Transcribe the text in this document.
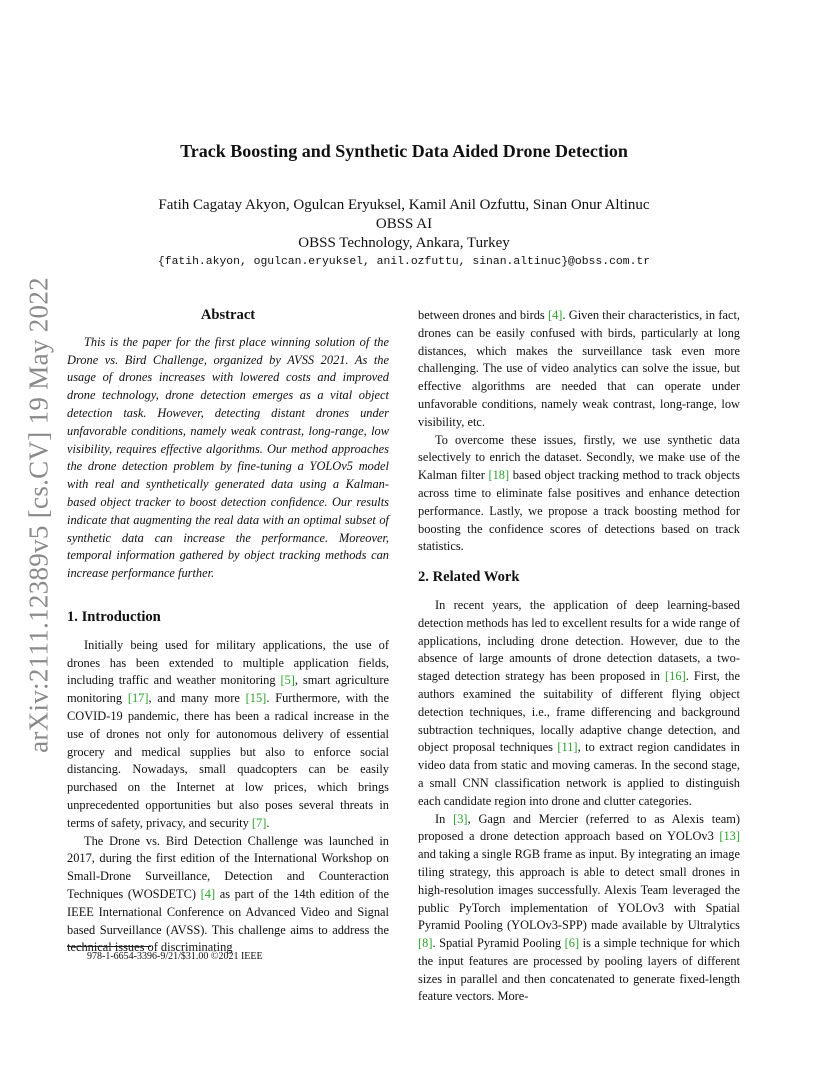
arXiv:2111.12389v5 [cs.CV] 19 May 2022
Track Boosting and Synthetic Data Aided Drone Detection
Fatih Cagatay Akyon, Ogulcan Eryuksel, Kamil Anil Ozfuttu, Sinan Onur Altinuc
OBSS AI
OBSS Technology, Ankara, Turkey
{fatih.akyon, ogulcan.eryuksel, anil.ozfuttu, sinan.altinuc}@obss.com.tr
Abstract

This is the paper for the first place winning solution of the Drone vs. Bird Challenge, organized by AVSS 2021. As the usage of drones increases with lowered costs and improved drone technology, drone detection emerges as a vital object detection task. However, detecting distant drones under unfavorable conditions, namely weak contrast, long-range, low visibility, requires effective algorithms. Our method approaches the drone detection problem by fine-tuning a YOLOv5 model with real and synthetically generated data using a Kalman-based object tracker to boost detection confidence. Our results indicate that augmenting the real data with an optimal subset of synthetic data can increase the performance. Moreover, temporal information gathered by object tracking methods can increase performance further.

1. Introduction

Initially being used for military applications, the use of drones has been extended to multiple application fields, including traffic and weather monitoring [5], smart agriculture monitoring [17], and many more [15]. Furthermore, with the COVID-19 pandemic, there has been a radical increase in the use of drones not only for autonomous delivery of essential grocery and medical supplies but also to enforce social distancing. Nowadays, small quadcopters can be easily purchased on the Internet at low prices, which brings unprecedented opportunities but also poses several threats in terms of safety, privacy, and security [7].

The Drone vs. Bird Detection Challenge was launched in 2017, during the first edition of the International Workshop on Small-Drone Surveillance, Detection and Counteraction Techniques (WOSDETC) [4] as part of the 14th edition of the IEEE International Conference on Advanced Video and Signal based Surveillance (AVSS). This challenge aims to address the technical issues of discriminating

between drones and birds [4]. Given their characteristics, in fact, drones can be easily confused with birds, particularly at long distances, which makes the surveillance task even more challenging. The use of video analytics can solve the issue, but effective algorithms are needed that can operate under unfavorable conditions, namely weak contrast, long-range, low visibility, etc.

To overcome these issues, firstly, we use synthetic data selectively to enrich the dataset. Secondly, we make use of the Kalman filter [18] based object tracking method to track objects across time to eliminate false positives and enhance detection performance. Lastly, we propose a track boosting method for boosting the confidence scores of detections based on track statistics.

2. Related Work

In recent years, the application of deep learning-based detection methods has led to excellent results for a wide range of applications, including drone detection. However, due to the absence of large amounts of drone detection datasets, a two-staged detection strategy has been proposed in [16]. First, the authors examined the suitability of different flying object detection techniques, i.e., frame differencing and background subtraction techniques, locally adaptive change detection, and object proposal techniques [11], to extract region candidates in video data from static and moving cameras. In the second stage, a small CNN classification network is applied to distinguish each candidate region into drone and clutter categories.

In [3], Gagn and Mercier (referred to as Alexis team) proposed a drone detection approach based on YOLOv3 [13] and taking a single RGB frame as input. By integrating an image tiling strategy, this approach is able to detect small drones in high-resolution images successfully. Alexis Team leveraged the public PyTorch implementation of YOLOv3 with Spatial Pyramid Pooling (YOLOv3-SPP) made available by Ultralytics [8]. Spatial Pyramid Pooling [6] is a simple technique for which the input features are processed by pooling layers of different sizes in parallel and then concatenated to generate fixed-length feature vectors. More-

978-1-6654-3396-9/21/$31.00 ©2021 IEEE
